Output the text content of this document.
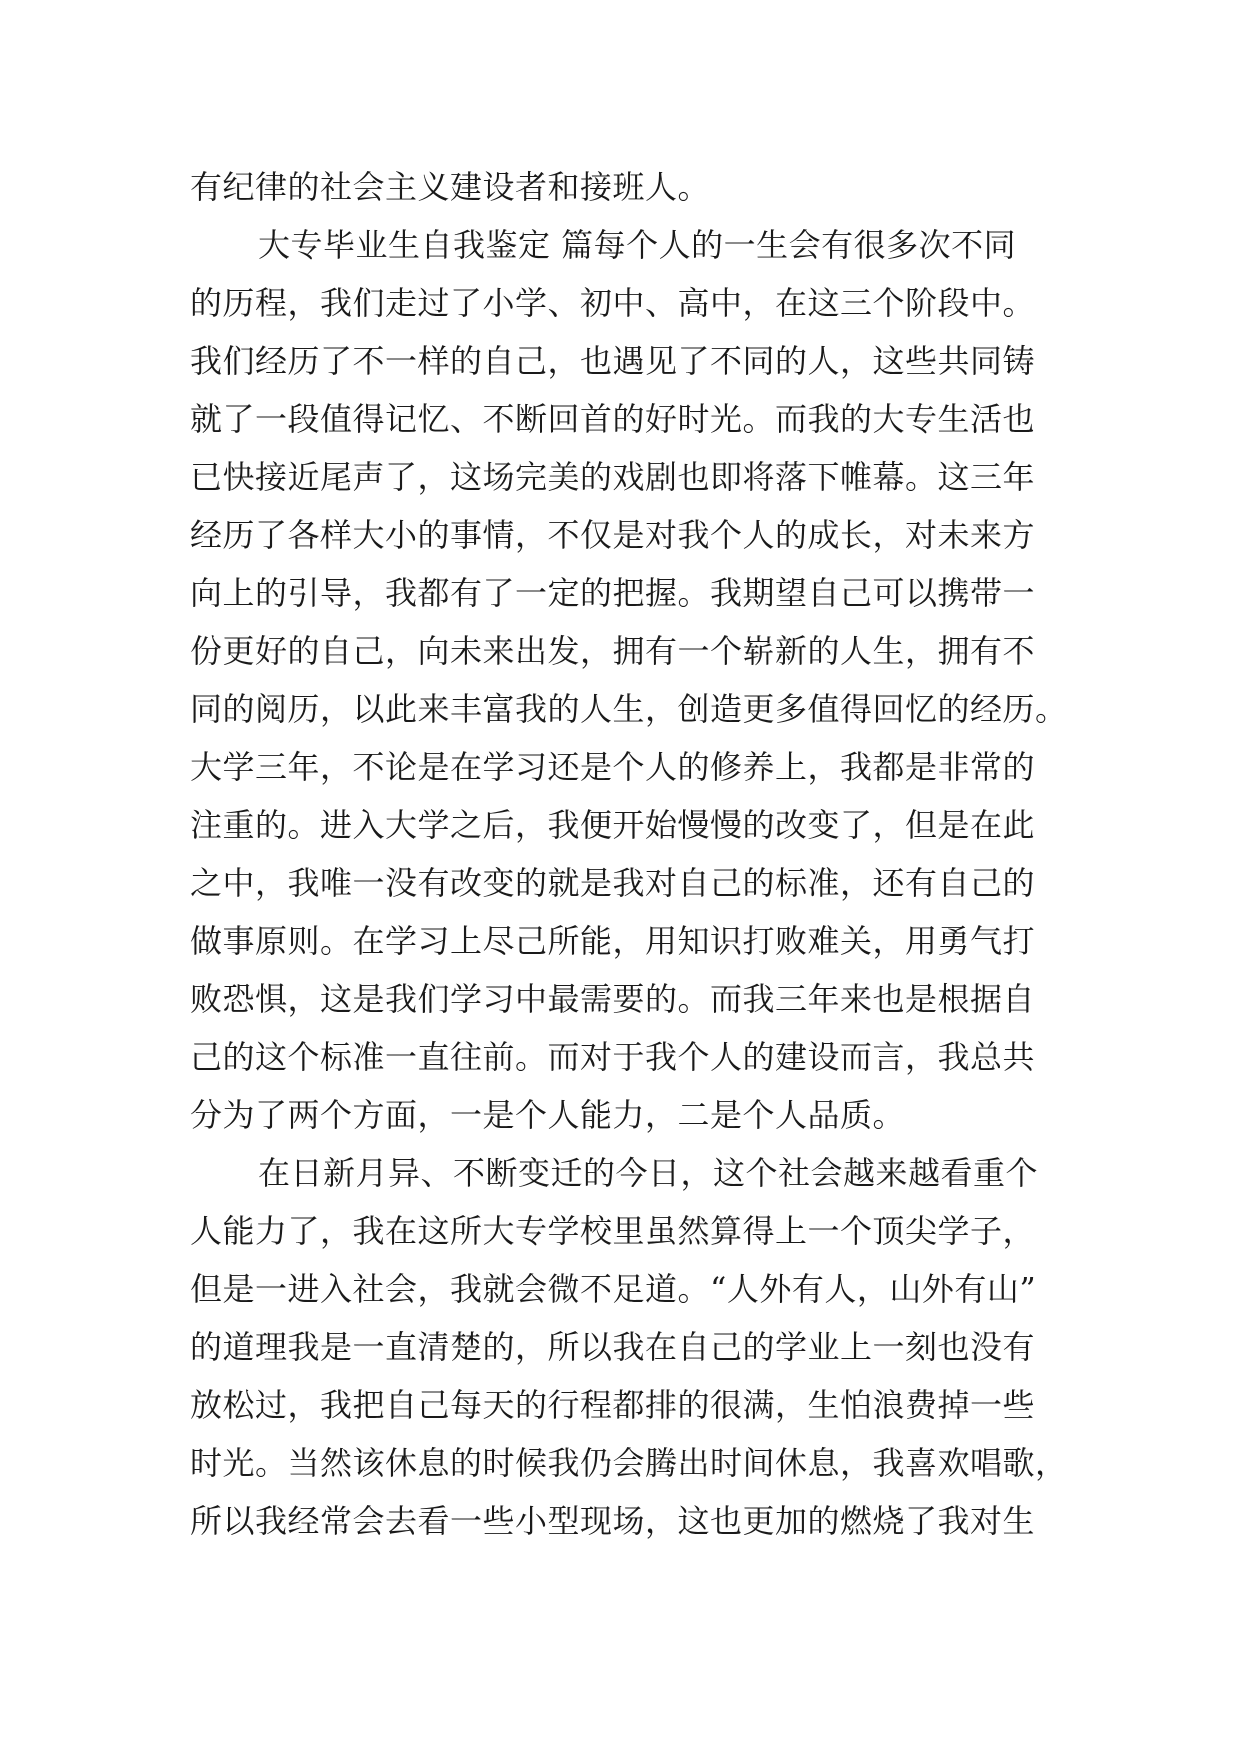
有纪律的社会主义建设者和接班人。
大专毕业生自我鉴定 篇每个人的一生会有很多次不同
的历程，我们走过了小学、初中、高中，在这三个阶段中。
我们经历了不一样的自己，也遇见了不同的人，这些共同铸
就了一段值得记忆、不断回首的好时光。而我的大专生活也
已快接近尾声了，这场完美的戏剧也即将落下帷幕。这三年
经历了各样大小的事情，不仅是对我个人的成长，对未来方
向上的引导，我都有了一定的把握。我期望自己可以携带一
份更好的自己，向未来出发，拥有一个崭新的人生，拥有不
同的阅历，以此来丰富我的人生，创造更多值得回忆的经历。
大学三年，不论是在学习还是个人的修养上，我都是非常的
注重的。进入大学之后，我便开始慢慢的改变了，但是在此
之中，我唯一没有改变的就是我对自己的标准，还有自己的
做事原则。在学习上尽己所能，用知识打败难关，用勇气打
败恐惧，这是我们学习中最需要的。而我三年来也是根据自
己的这个标准一直往前。而对于我个人的建设而言，我总共
分为了两个方面，一是个人能力，二是个人品质。
在日新月异、不断变迁的今日，这个社会越来越看重个
人能力了，我在这所大专学校里虽然算得上一个顶尖学子，
但是一进入社会，我就会微不足道。“人外有人，山外有山”
的道理我是一直清楚的，所以我在自己的学业上一刻也没有
放松过，我把自己每天的行程都排的很满，生怕浪费掉一些
时光。当然该休息的时候我仍会腾出时间休息，我喜欢唱歌，
所以我经常会去看一些小型现场，这也更加的燃烧了我对生
